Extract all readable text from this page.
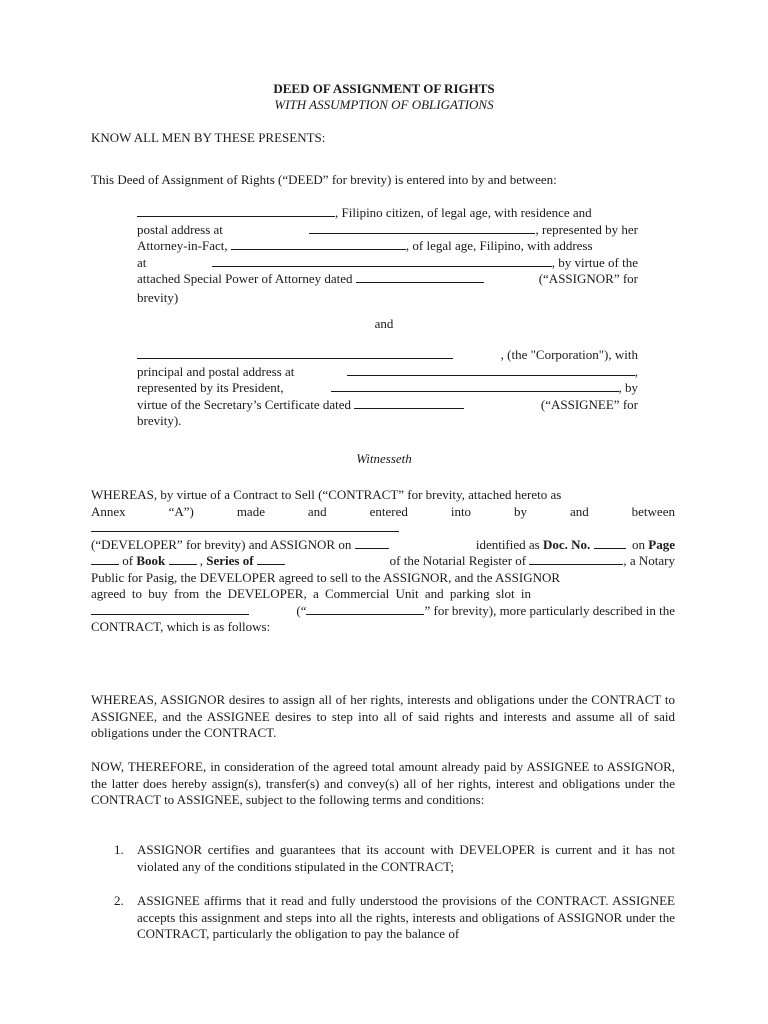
DEED OF ASSIGNMENT OF RIGHTS
WITH ASSUMPTION OF OBLIGATIONS
KNOW ALL MEN BY THESE PRESENTS:
This Deed of Assignment of Rights (“DEED” for brevity) is entered into by and between:
, Filipino citizen, of legal age, with residence and
postal address at	, represented by her
Attorney-in-Fact,	, of legal age, Filipino, with address
at	, by virtue of the
attached Special Power of Attorney dated	(“ASSIGNOR” for
brevity)
and
, (the "Corporation"), with
principal and postal address at	,
represented by its President,	, by
virtue of the Secretary’s Certificate dated	(“ASSIGNEE” for
brevity).
Witnesseth
WHEREAS, by virtue of a Contract to Sell (“CONTRACT” for brevity, attached hereto as
Annex	“A”)	made	and	entered	into	by	and	between
(“DEVELOPER” for brevity) and ASSIGNOR on	identified as Doc. No.	on Page
of Book	, Series of	of the Notarial Register of	, a Notary
Public for Pasig, the DEVELOPER agreed to sell to the ASSIGNOR, and the ASSIGNOR
agreed to buy from the DEVELOPER, a Commercial Unit and parking slot in
(“	” for brevity), more particularly described in the
CONTRACT, which is as follows:
WHEREAS, ASSIGNOR desires to assign all of her rights, interests and obligations under the CONTRACT to ASSIGNEE, and the ASSIGNEE desires to step into all of said rights and interests and assume all of said obligations under the CONTRACT.
NOW, THEREFORE, in consideration of the agreed total amount already paid by ASSIGNEE to ASSIGNOR, the latter does hereby assign(s), transfer(s) and convey(s) all of her rights, interest and obligations under the CONTRACT to ASSIGNEE, subject to the following terms and conditions:
1. ASSIGNOR certifies and guarantees that its account with DEVELOPER is current and it has not violated any of the conditions stipulated in the CONTRACT;
2. ASSIGNEE affirms that it read and fully understood the provisions of the CONTRACT. ASSIGNEE accepts this assignment and steps into all the rights, interests and obligations of ASSIGNOR under the CONTRACT, particularly the obligation to pay the balance of
